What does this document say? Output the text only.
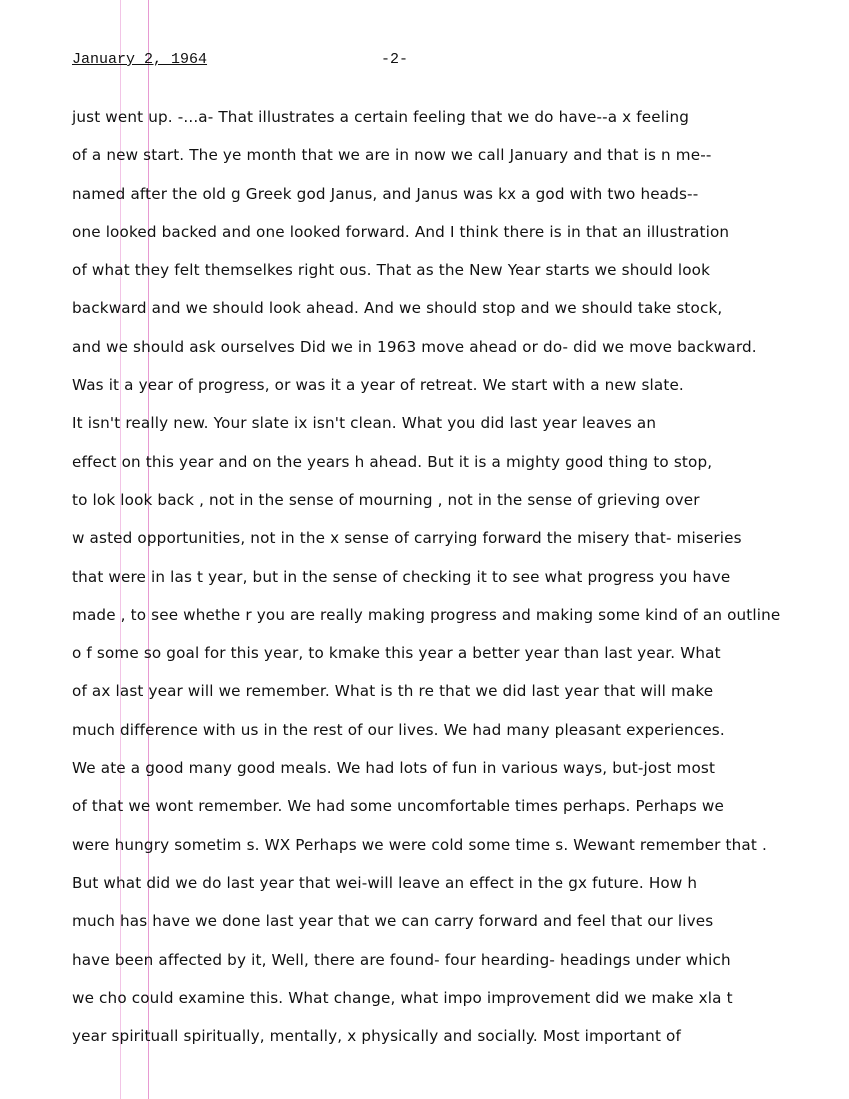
January 2, 1964	-2-
just went up. -...a- That illustrates a certain feeling that we do have--a x feeling
of a new start. The ye month that we are in now we call January and that is n me--
named after the old g Greek god Janus, and Janus was kx a god with two heads--
one looked backed and one looked forward. And I think there is in that an illustration
of what they felt themselkes right ous. That as the New Year starts we should look
backward and we should look ahead. And we should stop and we should take stock,
and we should ask ourselves Did we in 1963 move ahead or do- did we move backward.
Was it a year of progress, or was it a year of retreat. We start with a new slate.
It isn't really new. Your slate ix isn't clean. What you did last year leaves an
effect on this year and on the years h ahead. But it is a mighty good thing to stop,
to lok look back , not in the sense of mourning , not in the sense of grieving over
w asted opportunities, not in the x sense of carrying forward the misery that- miseries
that were in las t year, but in the sense of checking it to see what progress you have
made , to see whethe r you are really making progress and making some kind of an outline
o f some so goal for this year, to kmake this year a better year than last year. What
of ax last year will we remember. What is th re that we did last year that will make
much difference with us in the rest of our lives. We had many pleasant experiences.
We ate a good many good meals. We had lots of fun in various ways, but-jost most
of that we wont remember. We had some uncomfortable times perhaps. Perhaps we
were hungry sometim s. WX Perhaps we were cold some time s. Wewant remember that .
But what did we do last year that wei-will leave an effect in the gx future. How h
much has have we done last year that we can carry forward and feel that our lives
have been affected by it, Well, there are found- four hearding- headings under which
we cho could examine this. What change, what impo improvement did we make xla t
year spirituall spiritually, mentally, x physically and socially. Most important of
